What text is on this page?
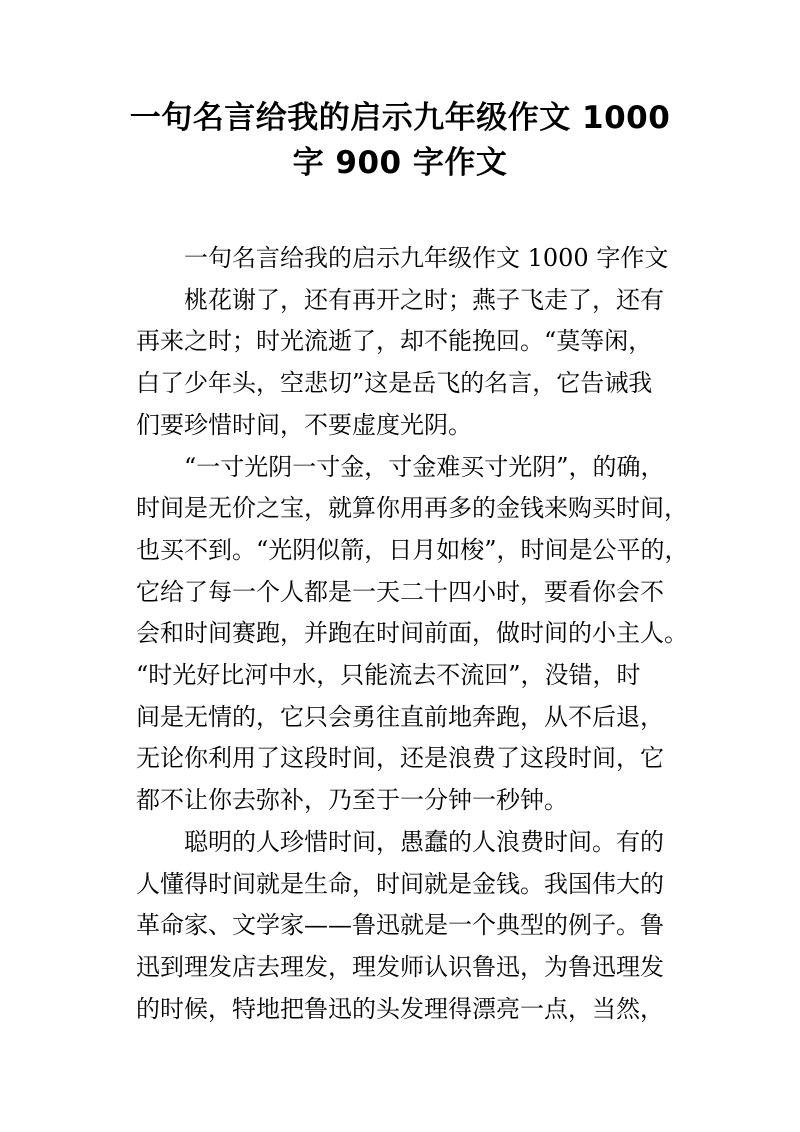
一句名言给我的启示九年级作文 1000
字 900 字作文
一句名言给我的启示九年级作文 1000 字作文
桃花谢了，还有再开之时；燕子飞走了，还有
再来之时；时光流逝了，却不能挽回。“莫等闲，
白了少年头，空悲切”这是岳飞的名言，它告诫我
们要珍惜时间，不要虚度光阴。
“一寸光阴一寸金，寸金难买寸光阴”，的确，
时间是无价之宝，就算你用再多的金钱来购买时间，
也买不到。“光阴似箭，日月如梭”，时间是公平的，
它给了每一个人都是一天二十四小时，要看你会不
会和时间赛跑，并跑在时间前面，做时间的小主人。
“时光好比河中水，只能流去不流回”，没错，时
间是无情的，它只会勇往直前地奔跑，从不后退，
无论你利用了这段时间，还是浪费了这段时间，它
都不让你去弥补，乃至于一分钟一秒钟。
聪明的人珍惜时间，愚蠢的人浪费时间。有的
人懂得时间就是生命，时间就是金钱。我国伟大的
革命家、文学家——鲁迅就是一个典型的例子。鲁
迅到理发店去理发，理发师认识鲁迅，为鲁迅理发
的时候，特地把鲁迅的头发理得漂亮一点，当然，
